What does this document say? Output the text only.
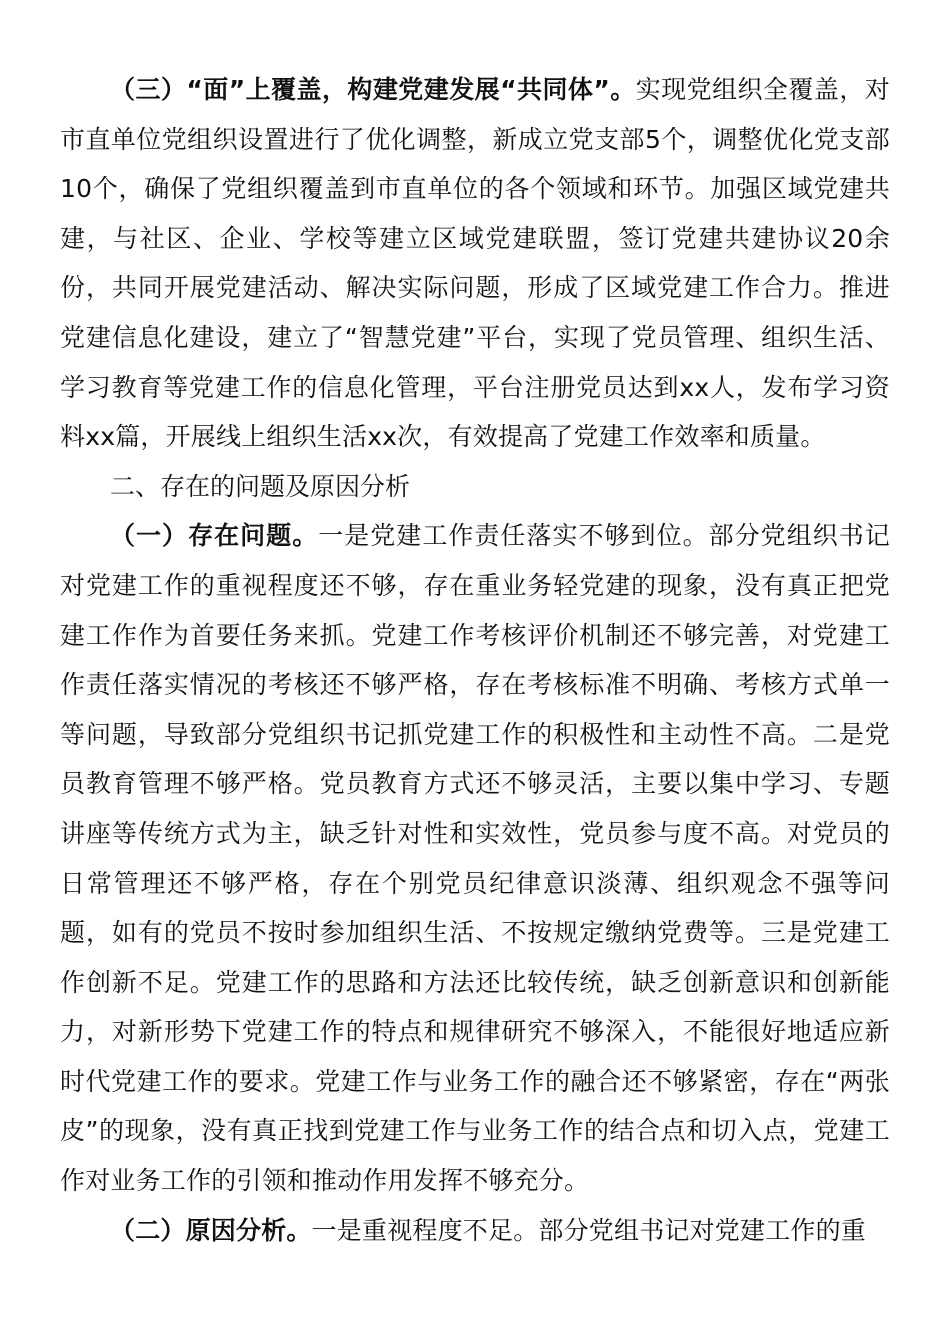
（三）“面”上覆盖，构建党建发展“共同体”。实现党组织全覆盖，对市直单位党组织设置进行了优化调整，新成立党支部5个，调整优化党支部10个，确保了党组织覆盖到市直单位的各个领域和环节。加强区域党建共建，与社区、企业、学校等建立区域党建联盟，签订党建共建协议20余份，共同开展党建活动、解决实际问题，形成了区域党建工作合力。推进党建信息化建设，建立了“智慧党建”平台，实现了党员管理、组织生活、学习教育等党建工作的信息化管理，平台注册党员达到xx人，发布学习资料xx篇，开展线上组织生活xx次，有效提高了党建工作效率和质量。

二、存在的问题及原因分析

（一）存在问题。一是党建工作责任落实不够到位。部分党组织书记对党建工作的重视程度还不够，存在重业务轻党建的现象，没有真正把党建工作作为首要任务来抓。党建工作考核评价机制还不够完善，对党建工作责任落实情况的考核还不够严格，存在考核标准不明确、考核方式单一等问题，导致部分党组织书记抓党建工作的积极性和主动性不高。二是党员教育管理不够严格。党员教育方式还不够灵活，主要以集中学习、专题讲座等传统方式为主，缺乏针对性和实效性，党员参与度不高。对党员的日常管理还不够严格，存在个别党员纪律意识淡薄、组织观念不强等问题，如有的党员不按时参加组织生活、不按规定缴纳党费等。三是党建工作创新不足。党建工作的思路和方法还比较传统，缺乏创新意识和创新能力，对新形势下党建工作的特点和规律研究不够深入，不能很好地适应新时代党建工作的要求。党建工作与业务工作的融合还不够紧密，存在“两张皮”的现象，没有真正找到党建工作与业务工作的结合点和切入点，党建工作对业务工作的引领和推动作用发挥不够充分。

（二）原因分析。一是重视程度不足。部分党组书记对党建工作的重
